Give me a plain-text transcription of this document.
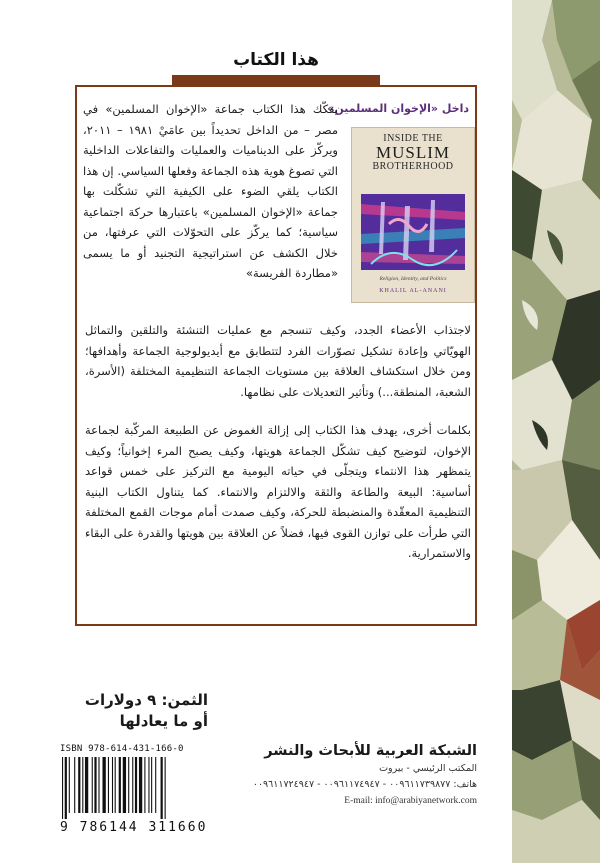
هذا الكتاب
داخل «الإخوان المسلمين»
INSIDE THE
MUSLIM
BROTHERHOOD
Religion, Identity, and Politics
KHALIL AL-ANANI

يفكّك هذا الكتاب جماعة «الإخوان المسلمين» في مصر – من الداخل تحديداً بين عامَيْ ١٩٨١ – ٢٠١١، ويركّز على الديناميات والعمليات والتفاعلات الداخلية التي تصوغ هوية هذه الجماعة وفعلها السياسي. إن هذا الكتاب يلقي الضوء على الكيفية التي تشكّلت بها جماعة «الإخوان المسلمين» باعتبارها حركة اجتماعية سياسية؛ كما يركّز على التحوّلات التي عرفتها، من خلال الكشف عن استراتيجية التجنيد أو ما يسمى «مطاردة الفريسة»

لاجتذاب الأعضاء الجدد، وكيف تنسجم مع عمليات التنشئة والتلقين والتماثل الهويّاتي وإعادة تشكيل تصوّرات الفرد لتتطابق مع أيديولوجية الجماعة وأهدافها؛ ومن خلال استكشاف العلاقة بين مستويات الجماعة التنظيمية المختلفة (الأسرة، الشعبة، المنطقة...) وتأثير التعديلات على نظامها.

بكلمات أخرى، يهدف هذا الكتاب إلى إزالة الغموض عن الطبيعة المركّبة لجماعة الإخوان، لتوضيح كيف تشكّل الجماعة هويتها، وكيف يصبح المرء إخوانياً؛ وكيف يتمظهر هذا الانتماء ويتجلّى في حياته اليومية مع التركيز على خمس قواعد أساسية: البيعة والطاعة والثقة والالتزام والانتماء. كما يتناول الكتاب البنية التنظيمية المعقّدة والمنضبطة للحركة، وكيف صمدت أمام موجات القمع المختلفة التي طرأت على توازن القوى فيها، فضلاً عن العلاقة بين هويتها والقدرة على البقاء والاستمرارية.

الثمن: ٩ دولارات
أو ما يعادلها
الشبكة العربية للأبحاث والنشر
المكتب الرئيسي - بيروت
هاتف: ٠٠٩٦١١٧٣٩٨٧٧ - ٠٠٩٦١١٧٤٩٤٧ - ٠٠٩٦١١٧٢٤٩٤٧
E-mail: info@arabiyanetwork.com
ISBN 978-614-431-166-0
9 786144 311660
